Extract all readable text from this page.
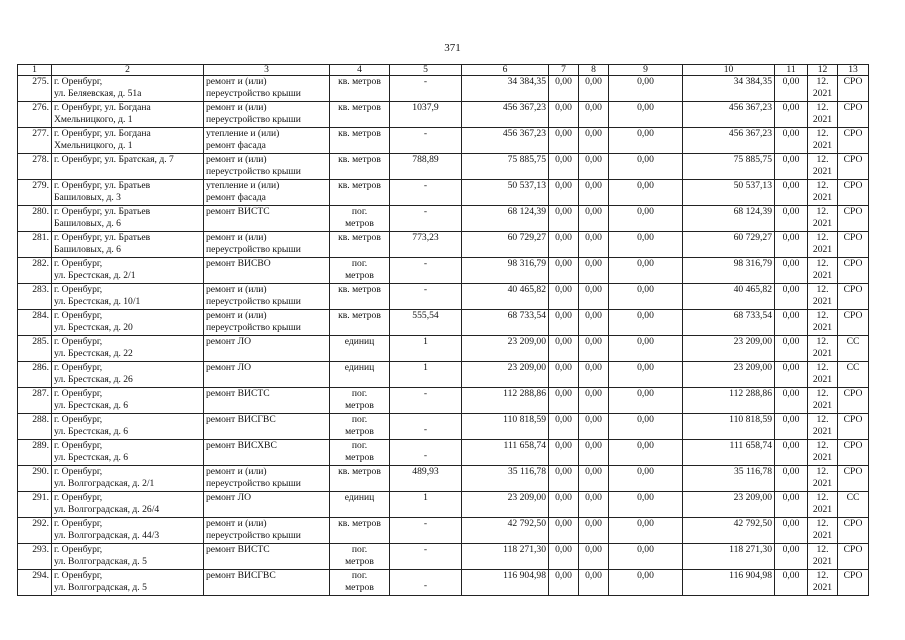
371
1	2	3	4	5	6	7	8	9	10	11	12	13
275.	г. Оренбург,
ул. Беляевская, д. 51а	ремонт и (или)
переустройство крыши	кв. метров	-	34 384,35	0,00	0,00	0,00	34 384,35	0,00	12.
2021	СРО
276.	г. Оренбург, ул. Богдана
Хмельницкого, д. 1	ремонт и (или)
переустройство крыши	кв. метров	1037,9	456 367,23	0,00	0,00	0,00	456 367,23	0,00	12.
2021	СРО
277.	г. Оренбург, ул. Богдана
Хмельницкого, д. 1	утепление и (или)
ремонт фасада	кв. метров	-	456 367,23	0,00	0,00	0,00	456 367,23	0,00	12.
2021	СРО
278.	г. Оренбург, ул. Братская, д. 7	ремонт и (или)
переустройство крыши	кв. метров	788,89	75 885,75	0,00	0,00	0,00	75 885,75	0,00	12.
2021	СРО
279.	г. Оренбург, ул. Братьев
Башиловых, д. 3	утепление и (или)
ремонт фасада	кв. метров	-	50 537,13	0,00	0,00	0,00	50 537,13	0,00	12.
2021	СРО
280.	г. Оренбург, ул. Братьев
Башиловых, д. 6	ремонт ВИСТС	пог.
метров	-	68 124,39	0,00	0,00	0,00	68 124,39	0,00	12.
2021	СРО
281.	г. Оренбург, ул. Братьев
Башиловых, д. 6	ремонт и (или)
переустройство крыши	кв. метров	773,23	60 729,27	0,00	0,00	0,00	60 729,27	0,00	12.
2021	СРО
282.	г. Оренбург,
ул. Брестская, д. 2/1	ремонт ВИСВО	пог.
метров	-	98 316,79	0,00	0,00	0,00	98 316,79	0,00	12.
2021	СРО
283.	г. Оренбург,
ул. Брестская, д. 10/1	ремонт и (или)
переустройство крыши	кв. метров	-	40 465,82	0,00	0,00	0,00	40 465,82	0,00	12.
2021	СРО
284.	г. Оренбург,
ул. Брестская, д. 20	ремонт и (или)
переустройство крыши	кв. метров	555,54	68 733,54	0,00	0,00	0,00	68 733,54	0,00	12.
2021	СРО
285.	г. Оренбург,
ул. Брестская, д. 22	ремонт ЛО	единиц	1	23 209,00	0,00	0,00	0,00	23 209,00	0,00	12.
2021	СС
286.	г. Оренбург,
ул. Брестская, д. 26	ремонт ЛО	единиц	1	23 209,00	0,00	0,00	0,00	23 209,00	0,00	12.
2021	СС
287.	г. Оренбург,
ул. Брестская, д. 6	ремонт ВИСТС	пог.
метров	-	112 288,86	0,00	0,00	0,00	112 288,86	0,00	12.
2021	СРО
288.	г. Оренбург,
ул. Брестская, д. 6	ремонт ВИСГВС	пог.
метров	-	110 818,59	0,00	0,00	0,00	110 818,59	0,00	12.
2021	СРО
289.	г. Оренбург,
ул. Брестская, д. 6	ремонт ВИСХВС	пог.
метров	-	111 658,74	0,00	0,00	0,00	111 658,74	0,00	12.
2021	СРО
290.	г. Оренбург,
ул. Волгоградская, д. 2/1	ремонт и (или)
переустройство крыши	кв. метров	489,93	35 116,78	0,00	0,00	0,00	35 116,78	0,00	12.
2021	СРО
291.	г. Оренбург,
ул. Волгоградская, д. 26/4	ремонт ЛО	единиц	1	23 209,00	0,00	0,00	0,00	23 209,00	0,00	12.
2021	СС
292.	г. Оренбург,
ул. Волгоградская, д. 44/3	ремонт и (или)
переустройство крыши	кв. метров	-	42 792,50	0,00	0,00	0,00	42 792,50	0,00	12.
2021	СРО
293.	г. Оренбург,
ул. Волгоградская, д. 5	ремонт ВИСТС	пог.
метров	-	118 271,30	0,00	0,00	0,00	118 271,30	0,00	12.
2021	СРО
294.	г. Оренбург,
ул. Волгоградская, д. 5	ремонт ВИСГВС	пог.
метров	-	116 904,98	0,00	0,00	0,00	116 904,98	0,00	12.
2021	СРО
